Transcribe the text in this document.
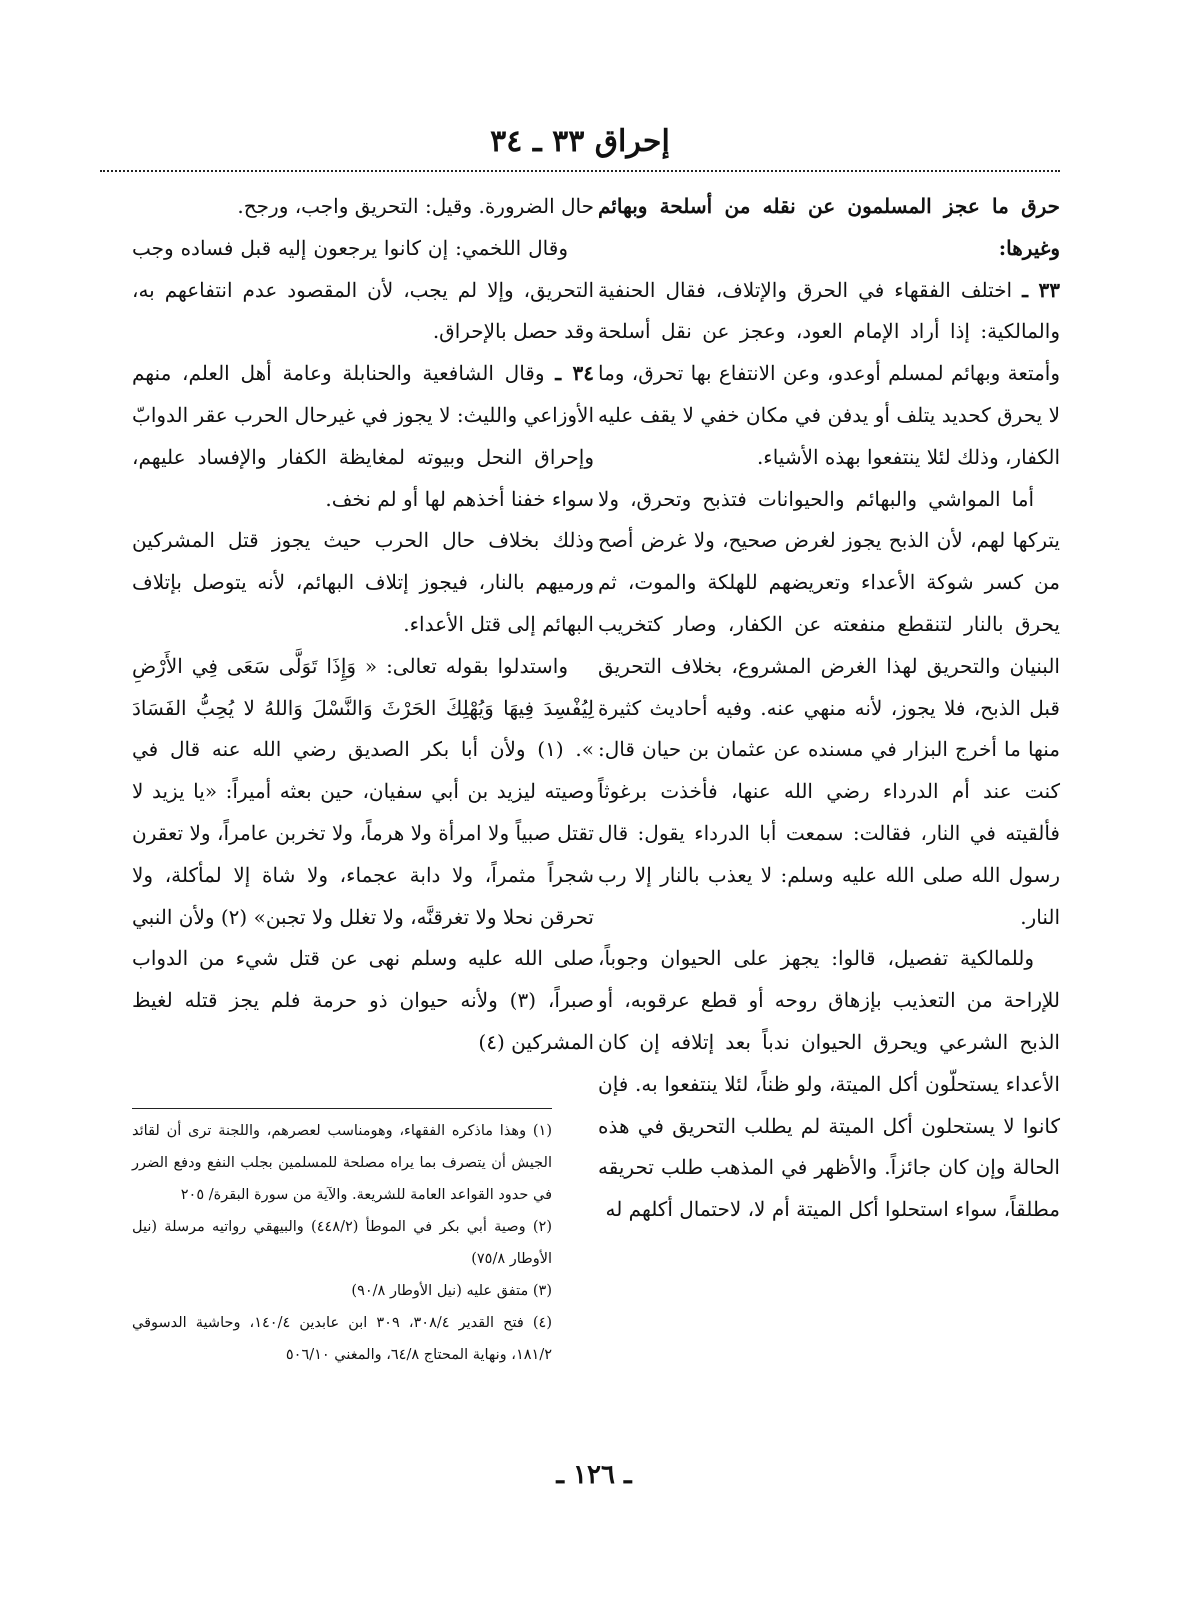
إحراق ٣٣ ـ ٣٤

حرق ما عجز المسلمون عن نقله من أسلحة وبهائم وغيرها:

٣٣ ـ اختلف الفقهاء في الحرق والإتلاف، فقال الحنفية والمالكية: إذا أراد الإمام العود، وعجز عن نقل أسلحة وأمتعة وبهائم لمسلم أوعدو، وعن الانتفاع بها تحرق، وما لا يحرق كحديد يتلف أو يدفن في مكان خفي لا يقف عليه الكفار، وذلك لئلا ينتفعوا بهذه الأشياء.

أما المواشي والبهائم والحيوانات فتذبح وتحرق، ولا يتركها لهم، لأن الذبح يجوز لغرض صحيح، ولا غرض أصح من كسر شوكة الأعداء وتعريضهم للهلكة والموت، ثم يحرق بالنار لتنقطع منفعته عن الكفار، وصار كتخريب البنيان والتحريق لهذا الغرض المشروع، بخلاف التحريق قبل الذبح، فلا يجوز، لأنه منهي عنه. وفيه أحاديث كثيرة منها ما أخرج البزار في مسنده عن عثمان بن حيان قال: كنت عند أم الدرداء رضي الله عنها، فأخذت برغوثاً فألقيته في النار، فقالت: سمعت أبا الدرداء يقول: قال رسول الله صلى الله عليه وسلم: لا يعذب بالنار إلا رب النار.

وللمالكية تفصيل، قالوا: يجهز على الحيوان وجوباً، للإراحة من التعذيب بإزهاق روحه أو قطع عرقوبه، أو الذبح الشرعي ويحرق الحيوان ندباً بعد إتلافه إن كان الأعداء يستحلّون أكل الميتة، ولو ظناً، لئلا ينتفعوا به. فإن كانوا لا يستحلون أكل الميتة لم يطلب التحريق في هذه الحالة وإن كان جائزاً. والأظهر في المذهب طلب تحريقه مطلقاً، سواء استحلوا أكل الميتة أم لا، لاحتمال أكلهم له

حال الضرورة. وقيل: التحريق واجب، ورجح.

وقال اللخمي: إن كانوا يرجعون إليه قبل فساده وجب التحريق، وإلا لم يجب، لأن المقصود عدم انتفاعهم به، وقد حصل بالإحراق.

٣٤ ـ وقال الشافعية والحنابلة وعامة أهل العلم، منهم الأوزاعي والليث: لا يجوز في غيرحال الحرب عقر الدوابّ وإحراق النحل وبيوته لمغايظة الكفار والإفساد عليهم، سواء خفنا أخذهم لها أو لم نخف.

وذلك بخلاف حال الحرب حيث يجوز قتل المشركين ورميهم بالنار، فيجوز إتلاف البهائم، لأنه يتوصل بإتلاف البهائم إلى قتل الأعداء.

واستدلوا بقوله تعالى: « وَإِذَا تَوَلَّى سَعَى فِي الأَرْضِ لِيُفْسِدَ فِيهَا وَيُهْلِكَ الحَرْثَ وَالنَّسْلَ وَاللهُ لا يُحِبُّ الفَسَادَ ». (١) ولأن أبا بكر الصديق رضي الله عنه قال في وصيته ليزيد بن أبي سفيان، حين بعثه أميراً: «يا يزيد لا تقتل صبياً ولا امرأة ولا هرماً، ولا تخربن عامراً، ولا تعقرن شجراً مثمراً، ولا دابة عجماء، ولا شاة إلا لمأكلة، ولا تحرقن نحلا ولا تغرقنَّه، ولا تغلل ولا تجبن» (٢) ولأن النبي صلى الله عليه وسلم نهى عن قتل شيء من الدواب صبراً، (٣) ولأنه حيوان ذو حرمة فلم يجز قتله لغيظ المشركين (٤)

(١) وهذا ماذكره الفقهاء، وهومناسب لعصرهم، واللجنة ترى أن لقائد الجيش أن يتصرف بما يراه مصلحة للمسلمين بجلب النفع ودفع الضرر في حدود القواعد العامة للشريعة. والآية من سورة البقرة/ ٢٠٥

(٢) وصية أبي بكر في الموطأ (٤٤٨/٢) والبيهقي رواتيه مرسلة (نيل الأوطار ٧٥/٨)

(٣) متفق عليه (نيل الأوطار ٩٠/٨)

(٤) فتح القدير ٣٠٨/٤، ٣٠٩ ابن عابدين ١٤٠/٤، وحاشية الدسوقي ١٨١/٢، ونهاية المحتاج ٦٤/٨، والمغني ٥٠٦/١٠

ـ ١٢٦ ـ
